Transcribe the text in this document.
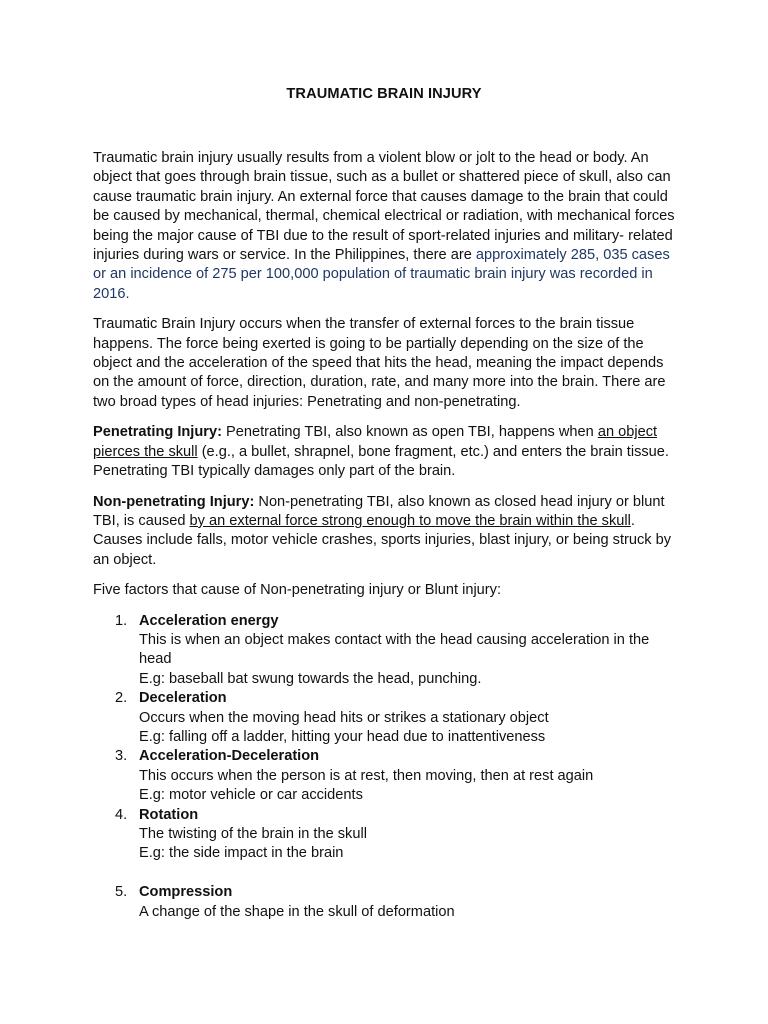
TRAUMATIC BRAIN INJURY

Traumatic brain injury usually results from a violent blow or jolt to the head or body. An object that goes through brain tissue, such as a bullet or shattered piece of skull, also can cause traumatic brain injury. An external force that causes damage to the brain that could be caused by mechanical, thermal, chemical electrical or radiation, with mechanical forces being the major cause of TBI due to the result of sport-related injuries and military- related injuries during wars or service. In the Philippines, there are approximately 285, 035 cases or an incidence of 275 per 100,000 population of traumatic brain injury was recorded in 2016.

Traumatic Brain Injury occurs when the transfer of external forces to the brain tissue happens. The force being exerted is going to be partially depending on the size of the object and the acceleration of the speed that hits the head, meaning the impact depends on the amount of force, direction, duration, rate, and many more into the brain. There are two broad types of head injuries: Penetrating and non-penetrating.

Penetrating Injury: Penetrating TBI, also known as open TBI, happens when an object pierces the skull (e.g., a bullet, shrapnel, bone fragment, etc.) and enters the brain tissue. Penetrating TBI typically damages only part of the brain.

Non-penetrating Injury: Non-penetrating TBI, also known as closed head injury or blunt TBI, is caused by an external force strong enough to move the brain within the skull. Causes include falls, motor vehicle crashes, sports injuries, blast injury, or being struck by an object.

Five factors that cause of Non-penetrating injury or Blunt injury:

1. Acceleration energy
This is when an object makes contact with the head causing acceleration in the head
E.g: baseball bat swung towards the head, punching.
2. Deceleration
Occurs when the moving head hits or strikes a stationary object
E.g: falling off a ladder, hitting your head due to inattentiveness
3. Acceleration-Deceleration
This occurs when the person is at rest, then moving, then at rest again
E.g: motor vehicle or car accidents
4. Rotation
The twisting of the brain in the skull
E.g: the side impact in the brain
5. Compression
A change of the shape in the skull of deformation
